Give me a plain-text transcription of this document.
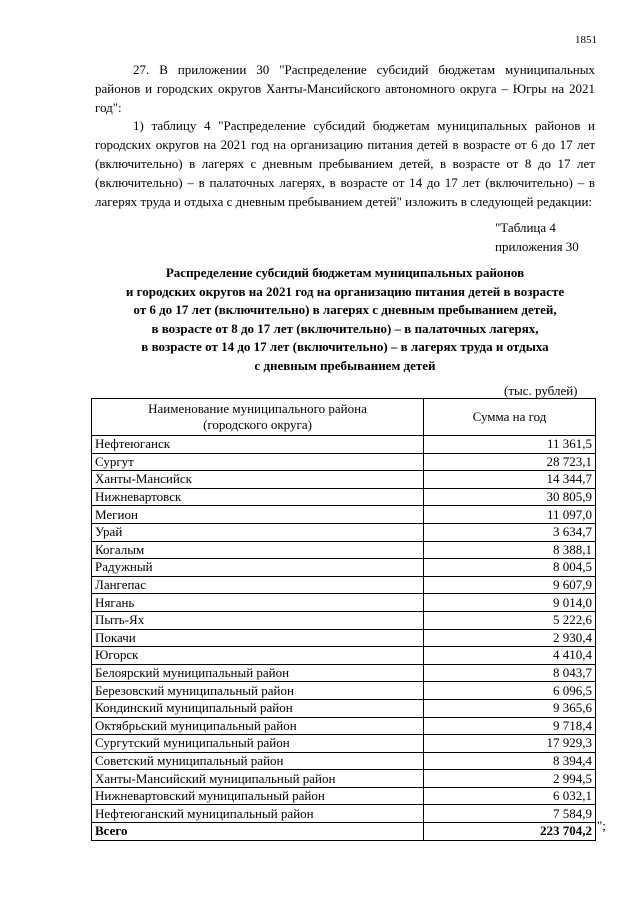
1851

27. В приложении 30 "Распределение субсидий бюджетам муниципальных районов и городских округов Ханты-Мансийского автономного округа – Югры на 2021 год":

1) таблицу 4 "Распределение субсидий бюджетам муниципальных районов и городских округов на 2021 год на организацию питания детей в возрасте от 6 до 17 лет (включительно) в лагерях с дневным пребыванием детей, в возрасте от 8 до 17 лет (включительно) – в палаточных лагерях, в возрасте от 14 до 17 лет (включительно) – в лагерях труда и отдыха с дневным пребыванием детей" изложить в следующей редакции:

"Таблица 4
приложения 30
Распределение субсидий бюджетам муниципальных районов
и городских округов на 2021 год на организацию питания детей в возрасте
от 6 до 17 лет (включительно) в лагерях с дневным пребыванием детей,
в возрасте от 8 до 17 лет (включительно) – в палаточных лагерях,
в возрасте от 14 до 17 лет (включительно) – в лагерях труда и отдыха
с дневным пребыванием детей
(тыс. рублей)
Наименование муниципального района
(городского округа)	Сумма на год
Нефтеюганск	11 361,5
Сургут	28 723,1
Ханты-Мансийск	14 344,7
Нижневартовск	30 805,9
Мегион	11 097,0
Урай	3 634,7
Когалым	8 388,1
Радужный	8 004,5
Лангепас	9 607,9
Нягань	9 014,0
Пыть-Ях	5 222,6
Покачи	2 930,4
Югорск	4 410,4
Белоярский муниципальный район	8 043,7
Березовский муниципальный район	6 096,5
Кондинский муниципальный район	9 365,6
Октябрьский муниципальный район	9 718,4
Сургутский муниципальный район	17 929,3
Советский муниципальный район	8 394,4
Ханты-Мансийский муниципальный район	2 994,5
Нижневартовский муниципальный район	6 032,1
Нефтеюганский муниципальный район	7 584,9
Всего	223 704,2 ";
